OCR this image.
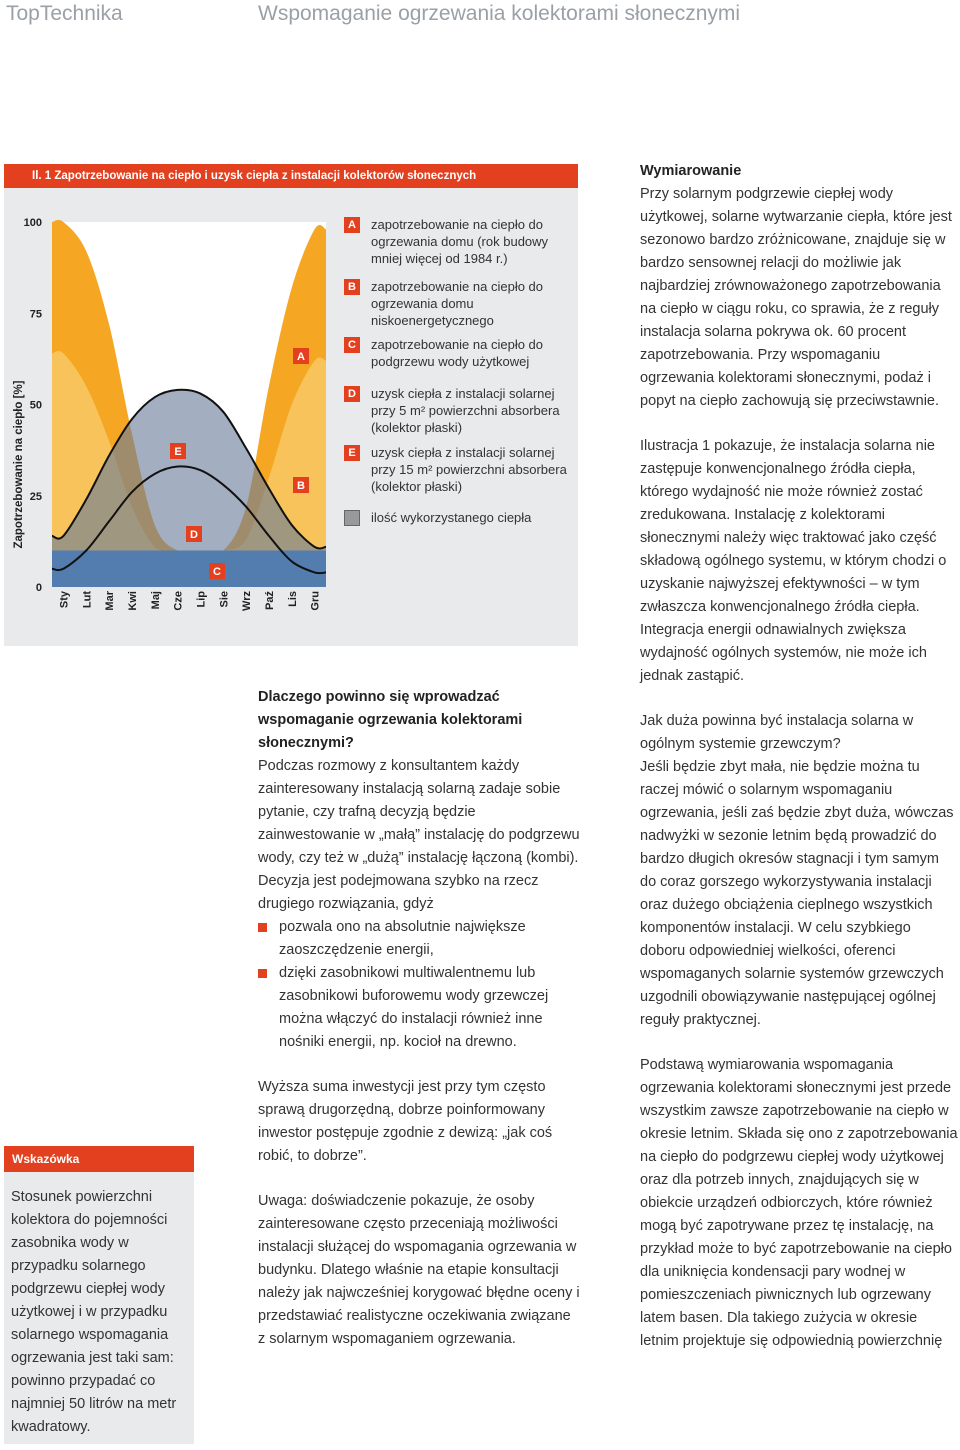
TopTechnika	Wspomaganie ogrzewania kolektorami słonecznymi
Il. 1 Zapotrzebowanie na ciepło i uzysk ciepła z instalacji kolektorów słonecznych
100
75
50
25
0
Zapotrzebowanie na ciepło [%]
Sty Lut Mar Kwi Maj Cze Lip Sie Wrz Paź Lis Gru
A
B
C
D
E
A	zapotrzebowanie na ciepło do ogrzewania domu (rok budowy mniej więcej od 1984 r.)
B	zapotrzebowanie na ciepło do ogrzewania domu niskoenergetycznego
C	zapotrzebowanie na ciepło do podgrzewu wody użytkowej
D	uzysk ciepła z instalacji solarnej przy 5 m² powierzchni absorbera (kolektor płaski)
E	uzysk ciepła z instalacji solarnej przy 15 m² powierzchni absorbera (kolektor płaski)
ilość wykorzystanego ciepła
Wskazówka
Stosunek powierzchni kolektora do pojemności zasobnika wody w przypadku solarnego podgrzewu ciepłej wody użytkowej i w przypadku solarnego wspomagania ogrzewania jest taki sam: powinno przypadać co najmniej 50 litrów na metr kwadratowy.

Dlaczego powinno się wprowadzać wspomaganie ogrzewania kolektorami słonecznymi?

Podczas rozmowy z konsultantem każdy zainteresowany instalacją solarną zadaje sobie pytanie, czy trafną decyzją będzie zainwestowanie w „małą” instalację do podgrzewu wody, czy też w „dużą” instalację łączoną (kombi). Decyzja jest podejmowana szybko na rzecz drugiego rozwiązania, gdyż

pozwala ono na absolutnie największe zaoszczędzenie energii,
dzięki zasobnikowi multiwalentnemu lub zasobnikowi buforowemu wody grzewczej można włączyć do instalacji również inne nośniki energii, np. kocioł na drewno.

Wyższa suma inwestycji jest przy tym często sprawą drugorzędną, dobrze poinformowany inwestor postępuje zgodnie z dewizą: „jak coś robić, to dobrze”.

Uwaga: doświadczenie pokazuje, że osoby zainteresowane często przeceniają możliwości instalacji służącej do wspomagania ogrzewania w budynku. Dlatego właśnie na etapie konsultacji należy jak najwcześniej korygować błędne oceny i przedstawiać realistyczne oczekiwania związane z solarnym wspomaganiem ogrzewania.

Wymiarowanie

Przy solarnym podgrzewie ciepłej wody użytkowej, solarne wytwarzanie ciepła, które jest sezonowo bardzo zróżnicowane, znajduje się w bardzo sensownej relacji do możliwie jak najbardziej zrównoważonego zapotrzebowania na ciepło w ciągu roku, co sprawia, że z reguły instalacja solarna pokrywa ok. 60 procent zapotrzebowania. Przy wspomaganiu ogrzewania kolektorami słonecznymi, podaż i popyt na ciepło zachowują się przeciwstawnie.

Ilustracja 1 pokazuje, że instalacja solarna nie zastępuje konwencjonalnego źródła ciepła, którego wydajność nie może również zostać zredukowana. Instalację z kolektorami słonecznymi należy więc traktować jako część składową ogólnego systemu, w którym chodzi o uzyskanie najwyższej efektywności – w tym zwłaszcza konwencjonalnego źródła ciepła. Integracja energii odnawialnych zwiększa wydajność ogólnych systemów, nie może ich jednak zastąpić.

Jak duża powinna być instalacja solarna w ogólnym systemie grzewczym?

Jeśli będzie zbyt mała, nie będzie można tu raczej mówić o solarnym wspomaganiu ogrzewania, jeśli zaś będzie zbyt duża, wówczas nadwyżki w sezonie letnim będą prowadzić do bardzo długich okresów stagnacji i tym samym do coraz gorszego wykorzystywania instalacji oraz dużego obciążenia cieplnego wszystkich komponentów instalacji. W celu szybkiego doboru odpowiedniej wielkości, oferenci wspomaganych solarnie systemów grzewczych uzgodnili obowiązywanie następującej ogólnej reguły praktycznej.

Podstawą wymiarowania wspomagania ogrzewania kolektorami słonecznymi jest przede wszystkim zawsze zapotrzebowanie na ciepło w okresie letnim. Składa się ono z zapotrzebowania na ciepło do podgrzewu ciepłej wody użytkowej oraz dla potrzeb innych, znajdujących się w obiekcie urządzeń odbiorczych, które również mogą być zapotrywane przez tę instalację, na przykład może to być zapotrzebowanie na ciepło dla uniknięcia kondensacji pary wodnej w pomieszczeniach piwnicznych lub ogrzewany latem basen. Dla takiego zużycia w okresie letnim projektuje się odpowiednią powierzchnię
